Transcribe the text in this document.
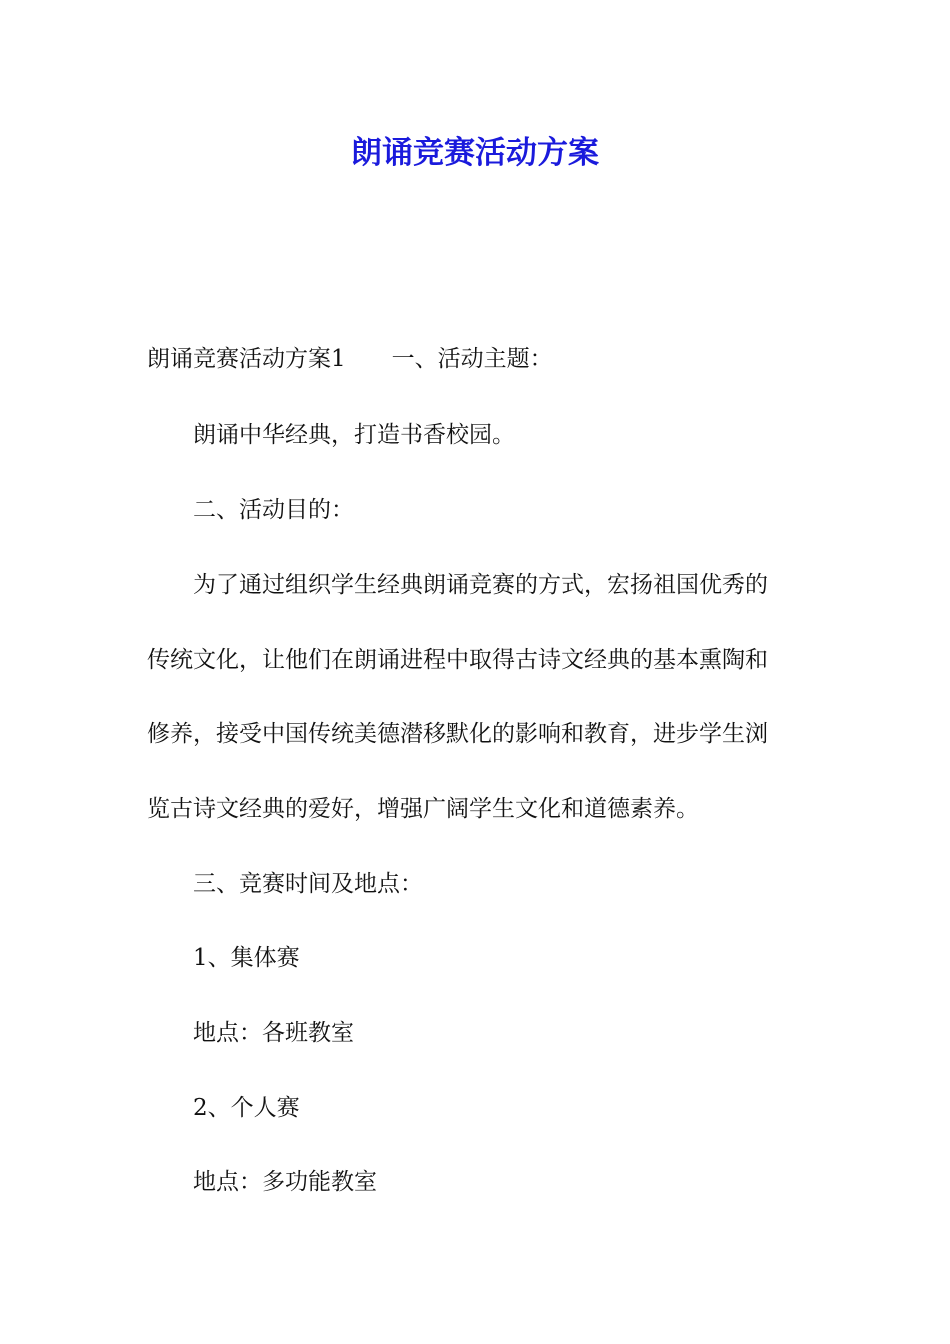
朗诵竞赛活动方案
朗诵竞赛活动方案1 一、活动主题：
朗诵中华经典，打造书香校园。
二、活动目的：
为了通过组织学生经典朗诵竞赛的方式，宏扬祖国优秀的
传统文化，让他们在朗诵进程中取得古诗文经典的基本熏陶和
修养，接受中国传统美德潜移默化的影响和教育，进步学生浏
览古诗文经典的爱好，增强广阔学生文化和道德素养。
三、竞赛时间及地点：
1、集体赛
地点：各班教室
2、个人赛
地点：多功能教室
